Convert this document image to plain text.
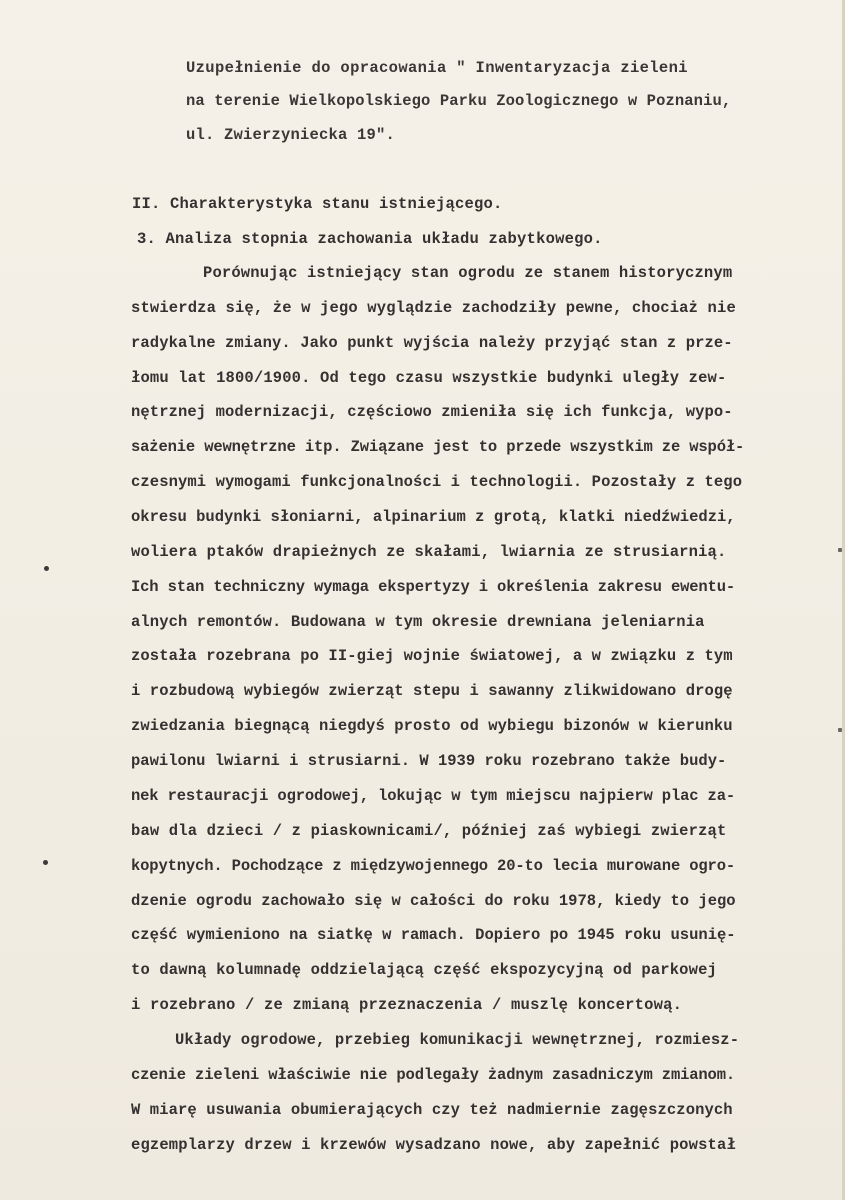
Uzupełnienie do opracowania " Inwentaryzacja zieleni
na terenie Wielkopolskiego Parku Zoologicznego w Poznaniu,
ul. Zwierzyniecka 19".
II. Charakterystyka stanu istniejącego.
3. Analiza stopnia zachowania układu zabytkowego.
Porównując istniejący stan ogrodu ze stanem historycznym
stwierdza się, że w jego wyglądzie zachodziły pewne, chociaż nie
radykalne zmiany. Jako punkt wyjścia należy przyjąć stan z prze-
łomu lat 1800/1900. Od tego czasu wszystkie budynki uległy zew-
nętrznej modernizacji, częściowo zmieniła się ich funkcja, wypo-
sażenie wewnętrzne itp. Związane jest to przede wszystkim ze współ-
czesnymi wymogami funkcjonalności i technologii. Pozostały z tego
okresu budynki słoniarni, alpinarium z grotą, klatki niedźwiedzi,
woliera ptaków drapieżnych ze skałami, lwiarnia ze strusiarnią.
Ich stan techniczny wymaga ekspertyzy i określenia zakresu ewentu-
alnych remontów. Budowana w tym okresie drewniana jeleniarnia
została rozebrana po II-giej wojnie światowej, a w związku z tym
i rozbudową wybiegów zwierząt stepu i sawanny zlikwidowano drogę
zwiedzania biegnącą niegdyś prosto od wybiegu bizonów w kierunku
pawilonu lwiarni i strusiarni. W 1939 roku rozebrano także budy-
nek restauracji ogrodowej, lokując w tym miejscu najpierw plac za-
baw dla dzieci / z piaskownicami/, później zaś wybiegi zwierząt
kopytnych. Pochodzące z międzywojennego 20-to lecia murowane ogro-
dzenie ogrodu zachowało się w całości do roku 1978, kiedy to jego
część wymieniono na siatkę w ramach. Dopiero po 1945 roku usunię-
to dawną kolumnadę oddzielającą część ekspozycyjną od parkowej
i rozebrano / ze zmianą przeznaczenia / muszlę koncertową.
Układy ogrodowe, przebieg komunikacji wewnętrznej, rozmiesz-
czenie zieleni właściwie nie podlegały żadnym zasadniczym zmianom.
W miarę usuwania obumierających czy też nadmiernie zagęszczonych
egzemplarzy drzew i krzewów wysadzano nowe, aby zapełnić powstał
